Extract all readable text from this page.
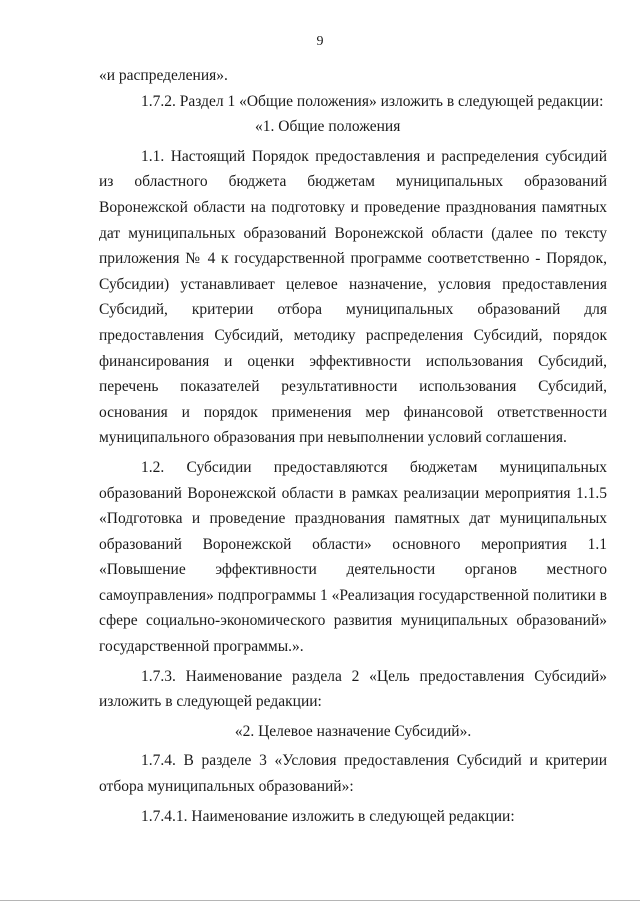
9

«и распределения».

1.7.2. Раздел 1 «Общие положения» изложить в следующей редакции:

«1. Общие положения

1.1. Настоящий Порядок предоставления и распределения субсидий из областного бюджета бюджетам муниципальных образований Воронежской области на подготовку и проведение празднования памятных дат муниципальных образований Воронежской области (далее по тексту приложения № 4 к государственной программе соответственно - Порядок, Субсидии) устанавливает целевое назначение, условия предоставления Субсидий, критерии отбора муниципальных образований для предоставления Субсидий, методику распределения Субсидий, порядок финансирования и оценки эффективности использования Субсидий, перечень показателей результативности использования Субсидий, основания и порядок применения мер финансовой ответственности муниципального образования при невыполнении условий соглашения.

1.2. Субсидии предоставляются бюджетам муниципальных образований Воронежской области в рамках реализации мероприятия 1.1.5 «Подготовка и проведение празднования памятных дат муниципальных образований Воронежской области» основного мероприятия 1.1 «Повышение эффективности деятельности органов местного самоуправления» подпрограммы 1 «Реализация государственной политики в сфере социально-экономического развития муниципальных образований» государственной программы.».

1.7.3. Наименование раздела 2 «Цель предоставления Субсидий» изложить в следующей редакции:

«2. Целевое назначение Субсидий».

1.7.4. В разделе 3 «Условия предоставления Субсидий и критерии отбора муниципальных образований»:

1.7.4.1. Наименование изложить в следующей редакции:
